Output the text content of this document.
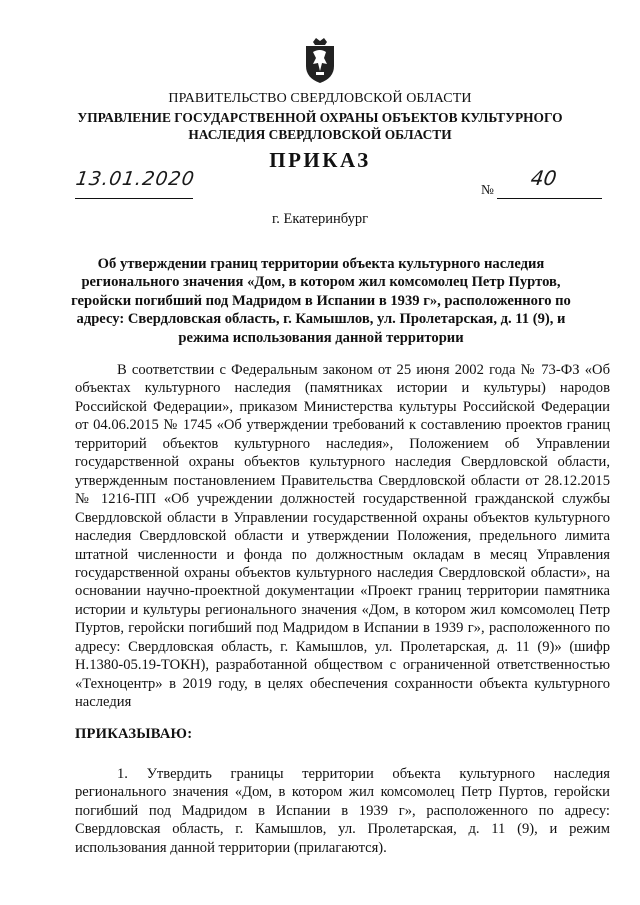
ПРАВИТЕЛЬСТВО СВЕРДЛОВСКОЙ ОБЛАСТИ
УПРАВЛЕНИЕ ГОСУДАРСТВЕННОЙ ОХРАНЫ ОБЪЕКТОВ КУЛЬТУРНОГО НАСЛЕДИЯ СВЕРДЛОВСКОЙ ОБЛАСТИ
ПРИКАЗ
13.01.2020	№ 40
г. Екатеринбург
Об утверждении границ территории объекта культурного наследия регионального значения «Дом, в котором жил комсомолец Петр Пуртов, геройски погибший под Мадридом в Испании в 1939 г», расположенного по адресу: Свердловская область, г. Камышлов, ул. Пролетарская, д. 11 (9), и режима использования данной территории

В соответствии с Федеральным законом от 25 июня 2002 года № 73-ФЗ «Об объектах культурного наследия (памятниках истории и культуры) народов Российской Федерации», приказом Министерства культуры Российской Федерации от 04.06.2015 № 1745 «Об утверждении требований к составлению проектов границ территорий объектов культурного наследия», Положением об Управлении государственной охраны объектов культурного наследия Свердловской области, утвержденным постановлением Правительства Свердловской области от 28.12.2015 № 1216-ПП «Об учреждении должностей государственной гражданской службы Свердловской области в Управлении государственной охраны объектов культурного наследия Свердловской области и утверждении Положения, предельного лимита штатной численности и фонда по должностным окладам в месяц Управления государственной охраны объектов культурного наследия Свердловской области», на основании научно-проектной документации «Проект границ территории памятника истории и культуры регионального значения «Дом, в котором жил комсомолец Петр Пуртов, геройски погибший под Мадридом в Испании в 1939 г», расположенного по адресу: Свердловская область, г. Камышлов, ул. Пролетарская, д. 11 (9)» (шифр Н.1380-05.19-ТОКН), разработанной обществом с ограниченной ответственностью «Техноцентр» в 2019 году, в целях обеспечения сохранности объекта культурного наследия

ПРИКАЗЫВАЮ:

1. Утвердить границы территории объекта культурного наследия регионального значения «Дом, в котором жил комсомолец Петр Пуртов, геройски погибший под Мадридом в Испании в 1939 г», расположенного по адресу: Свердловская область, г. Камышлов, ул. Пролетарская, д. 11 (9), и режим использования данной территории (прилагаются).
